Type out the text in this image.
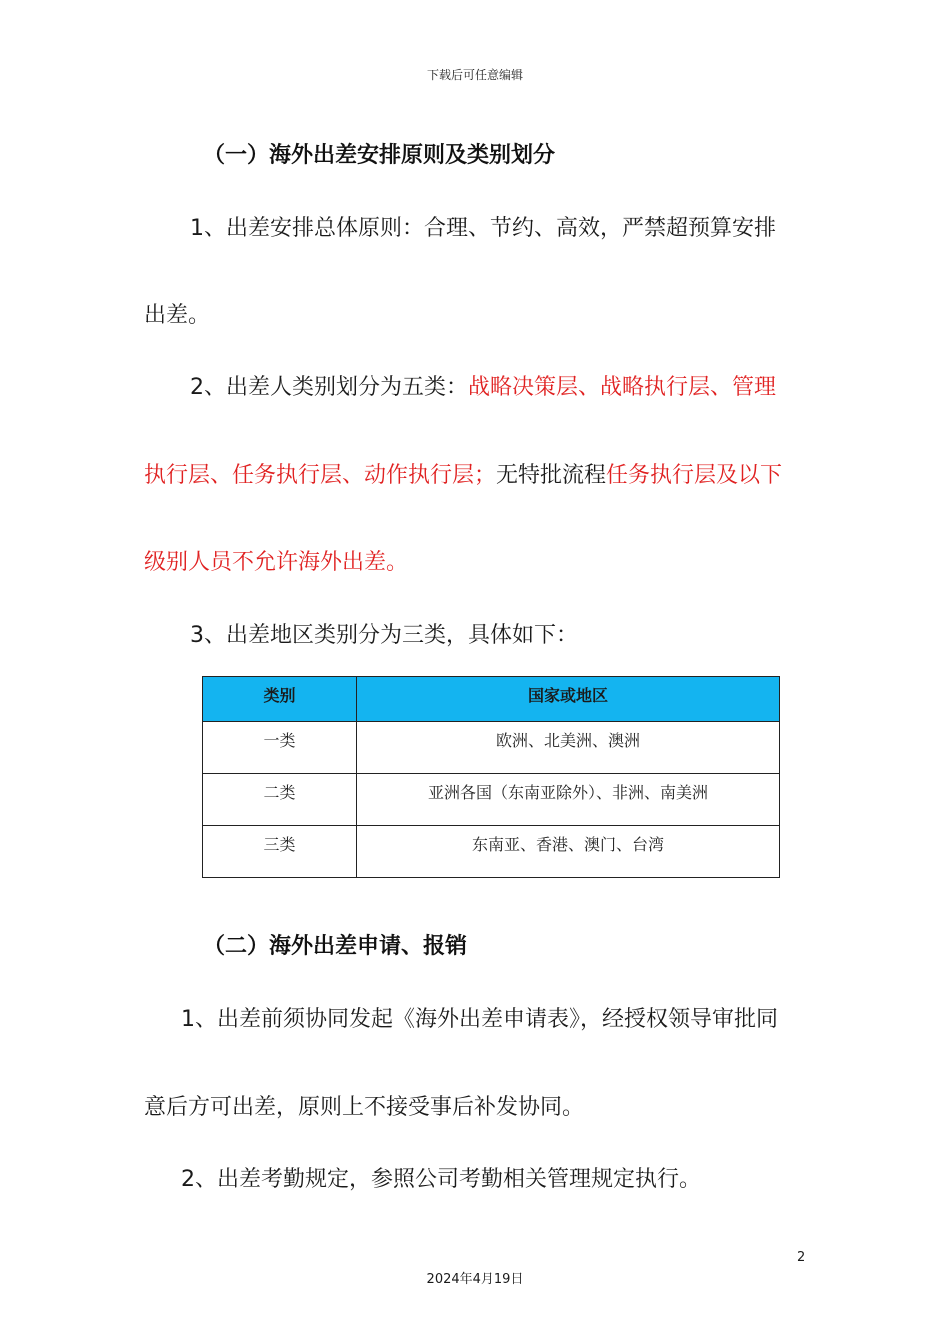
下载后可任意编辑
（一）海外出差安排原则及类别划分
1、出差安排总体原则：合理、节约、高效，严禁超预算安排
出差。
2、出差人类别划分为五类：战略决策层、战略执行层、管理
执行层、任务执行层、动作执行层；无特批流程任务执行层及以下
级别人员不允许海外出差。
3、出差地区类别分为三类，具体如下：
类别	国家或地区
一类	欧洲、北美洲、澳洲
二类	亚洲各国（东南亚除外）、非洲、南美洲
三类	东南亚、香港、澳门、台湾
（二）海外出差申请、报销
1、出差前须协同发起《海外出差申请表》，经授权领导审批同
意后方可出差，原则上不接受事后补发协同。
2、出差考勤规定，参照公司考勤相关管理规定执行。
2
2024年4月19日
